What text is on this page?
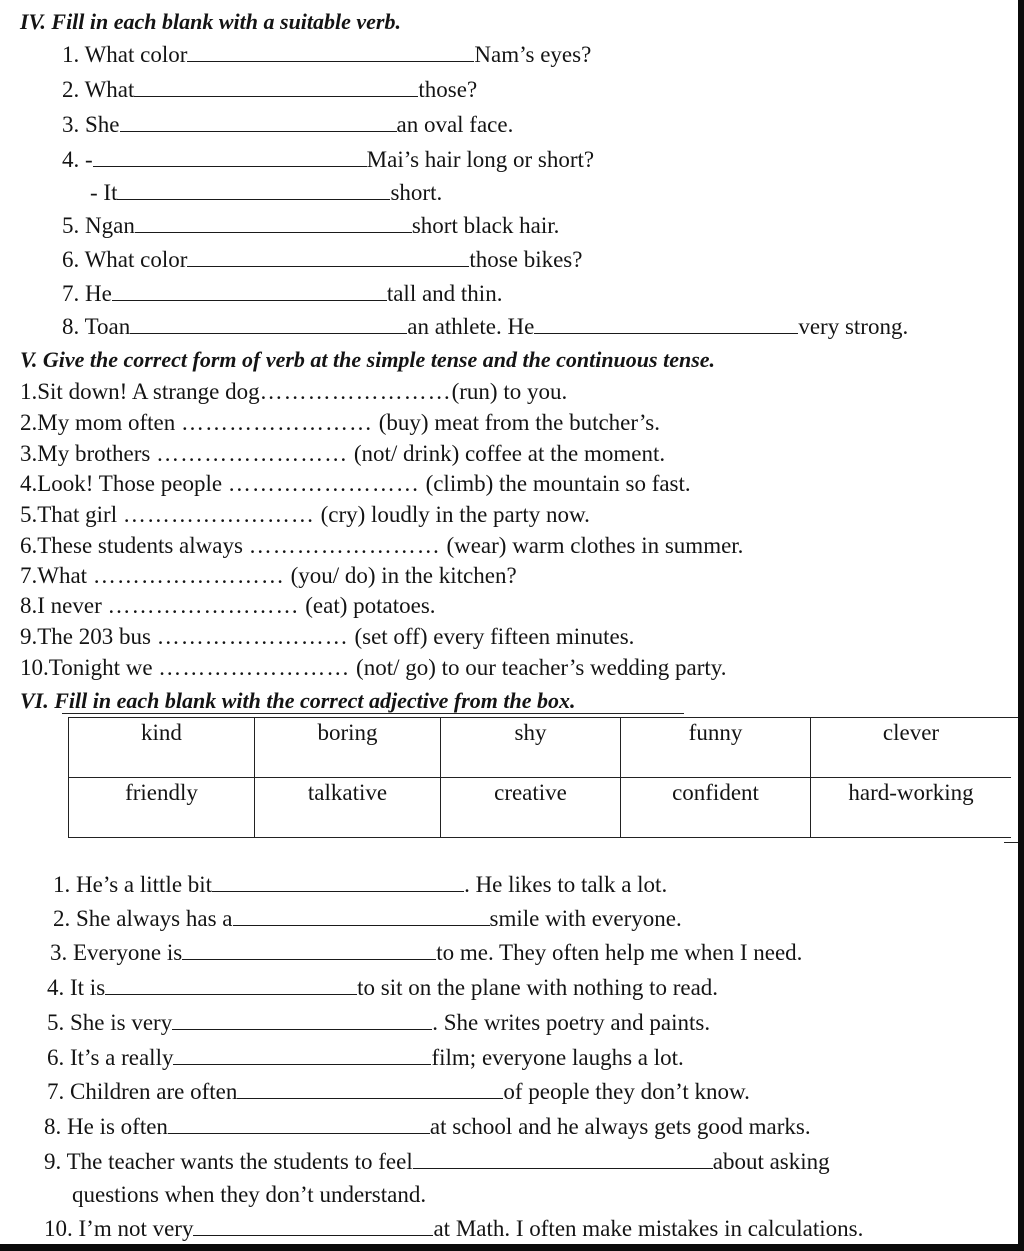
IV. Fill in each blank with a suitable verb.
1. What color	Nam’s eyes?
2. What	those?
3. She	an oval face.
4. -	Mai’s hair long or short?
- It	short.
5. Ngan	short black hair.
6. What color	those bikes?
7. He	tall and thin.
8. Toan	an athlete. He	very strong.
V. Give the correct form of verb at the simple tense and the continuous tense.
1.Sit down! A strange dog……………………(run) to you.
2.My mom often …………………… (buy) meat from the butcher’s.
3.My brothers …………………… (not/ drink) coffee at the moment.
4.Look! Those people …………………… (climb) the mountain so fast.
5.That girl …………………… (cry) loudly in the party now.
6.These students always …………………… (wear) warm clothes in summer.
7.What …………………… (you/ do) in the kitchen?
8.I never …………………… (eat) potatoes.
9.The 203 bus …………………… (set off) every fifteen minutes.
10.Tonight we …………………… (not/ go) to our teacher’s wedding party.
VI. Fill in each blank with the correct adjective from the box.
kind	boring	shy	funny	clever
friendly	talkative	creative	confident	hard-working
1. He’s a little bit	. He likes to talk a lot.
2. She always has a	smile with everyone.
3. Everyone is	to me. They often help me when I need.
4. It is	to sit on the plane with nothing to read.
5. She is very	. She writes poetry and paints.
6. It’s a really	film; everyone laughs a lot.
7. Children are often	of people they don’t know.
8. He is often	at school and he always gets good marks.
9. The teacher wants the students to feel	about asking
questions when they don’t understand.
10. I’m not very	at Math. I often make mistakes in calculations.
